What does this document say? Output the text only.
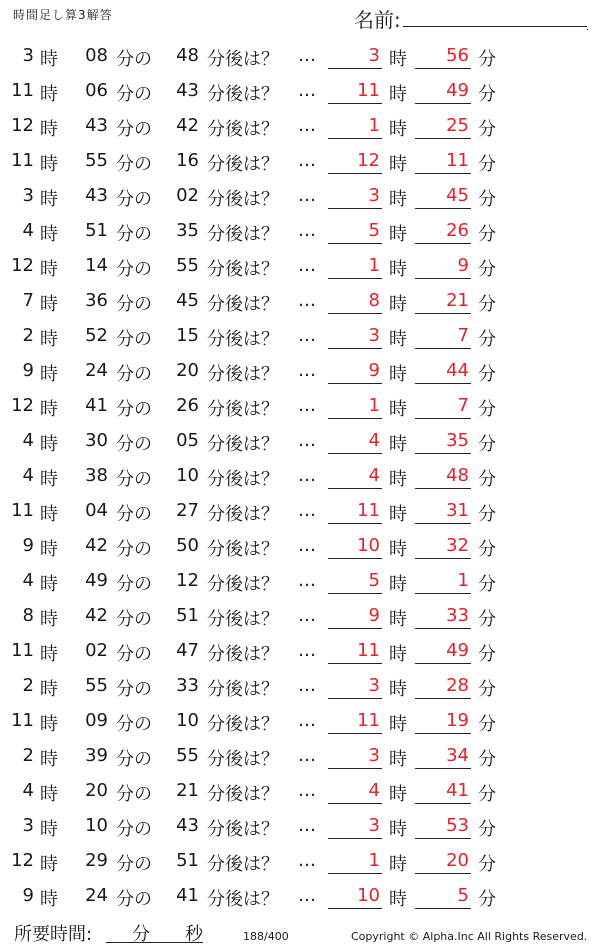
時間足し算3解答	名前:	.
3 時	08 分の	48 分後は？ …	3 時	56 分
11 時	06 分の	43 分後は？ …	11 時	49 分
12 時	43 分の	42 分後は？ …	1 時	25 分
11 時	55 分の	16 分後は？ …	12 時	11 分
3 時	43 分の	02 分後は？ …	3 時	45 分
4 時	51 分の	35 分後は？ …	5 時	26 分
12 時	14 分の	55 分後は？ …	1 時	9 分
7 時	36 分の	45 分後は？ …	8 時	21 分
2 時	52 分の	15 分後は？ …	3 時	7 分
9 時	24 分の	20 分後は？ …	9 時	44 分
12 時	41 分の	26 分後は？ …	1 時	7 分
4 時	30 分の	05 分後は？ …	4 時	35 分
4 時	38 分の	10 分後は？ …	4 時	48 分
11 時	04 分の	27 分後は？ …	11 時	31 分
9 時	42 分の	50 分後は？ …	10 時	32 分
4 時	49 分の	12 分後は？ …	5 時	1 分
8 時	42 分の	51 分後は？ …	9 時	33 分
11 時	02 分の	47 分後は？ …	11 時	49 分
2 時	55 分の	33 分後は？ …	3 時	28 分
11 時	09 分の	10 分後は？ …	11 時	19 分
2 時	39 分の	55 分後は？ …	3 時	34 分
4 時	20 分の	21 分後は？ …	4 時	41 分
3 時	10 分の	43 分後は？ …	3 時	53 分
12 時	29 分の	51 分後は？ …	1 時	20 分
9 時	24 分の	41 分後は？ …	10 時	5 分
所要時間: 分 秒	188/400	Copyright © Alpha.Inc All Rights Reserved.
